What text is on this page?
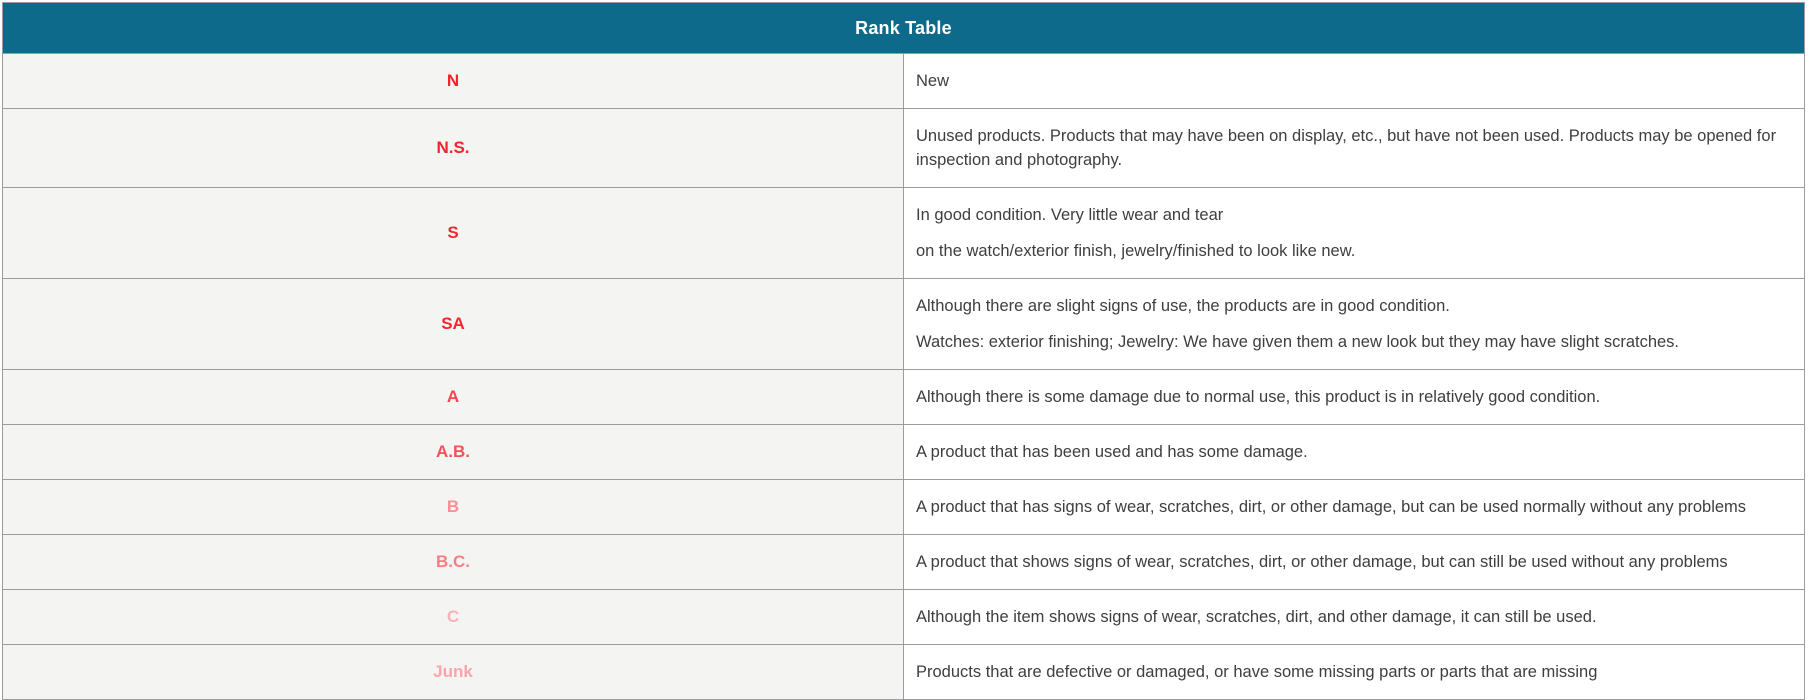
Rank Table	
N	New

N.S.	Unused products. Products that may have been on display, etc., but have not been used. Products may be opened for inspection and photography.

S	In good condition. Very little wear and tear

on the watch/exterior finish, jewelry/finished to look like new.

SA	Although there are slight signs of use, the products are in good condition.

Watches: exterior finishing; Jewelry: We have given them a new look but they may have slight scratches.

A	Although there is some damage due to normal use, this product is in relatively good condition.

A.B.	A product that has been used and has some damage.

B	A product that has signs of wear, scratches, dirt, or other damage, but can be used normally without any problems

B.C.	A product that shows signs of wear, scratches, dirt, or other damage, but can still be used without any problems

C	Although the item shows signs of wear, scratches, dirt, and other damage, it can still be used.

Junk	Products that are defective or damaged, or have some missing parts or parts that are missing
